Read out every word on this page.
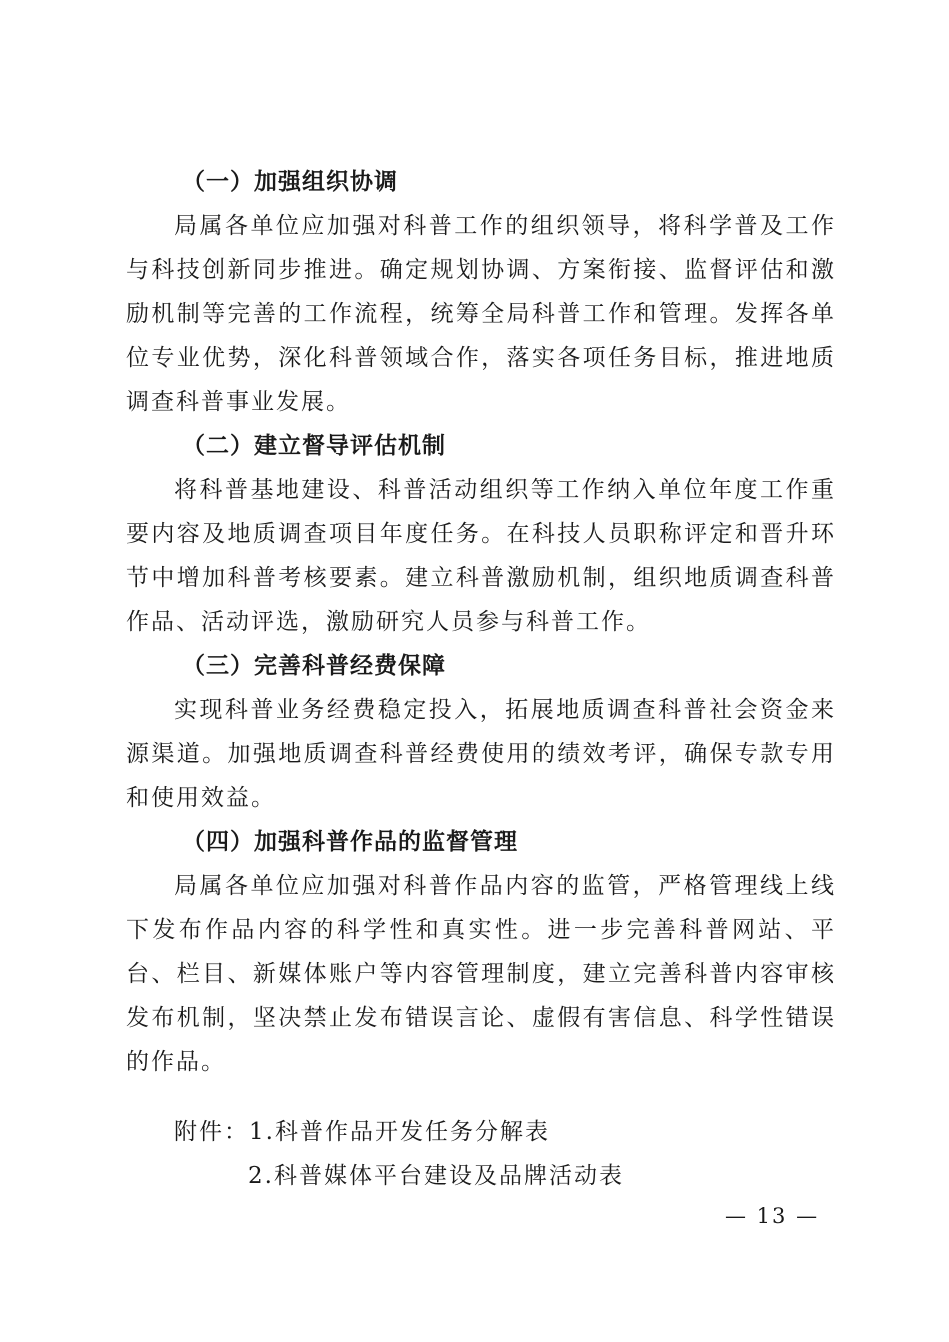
（一）加强组织协调

局属各单位应加强对科普工作的组织领导，将科学普及工作与科技创新同步推进。确定规划协调、方案衔接、监督评估和激励机制等完善的工作流程，统筹全局科普工作和管理。发挥各单位专业优势，深化科普领域合作，落实各项任务目标，推进地质调查科普事业发展。

（二）建立督导评估机制

将科普基地建设、科普活动组织等工作纳入单位年度工作重要内容及地质调查项目年度任务。在科技人员职称评定和晋升环节中增加科普考核要素。建立科普激励机制，组织地质调查科普作品、活动评选，激励研究人员参与科普工作。

（三）完善科普经费保障

实现科普业务经费稳定投入，拓展地质调查科普社会资金来源渠道。加强地质调查科普经费使用的绩效考评，确保专款专用和使用效益。

（四）加强科普作品的监督管理

局属各单位应加强对科普作品内容的监管，严格管理线上线下发布作品内容的科学性和真实性。进一步完善科普网站、平台、栏目、新媒体账户等内容管理制度，建立完善科普内容审核发布机制，坚决禁止发布错误言论、虚假有害信息、科学性错误的作品。

附件：1.科普作品开发任务分解表
2.科普媒体平台建设及品牌活动表
— 13 —
